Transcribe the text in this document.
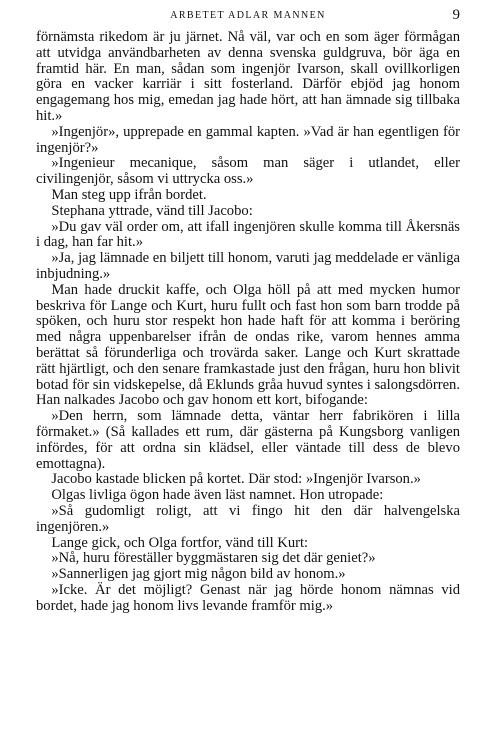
ARBETET ADLAR MANNEN	9

förnämsta rikedom är ju järnet. Nå väl, var och en som äger förmågan att utvidga användbarheten av denna svenska guldgruva, bör äga en framtid här. En man, sådan som ingenjör Ivarson, skall ovillkorligen göra en vacker karriär i sitt fosterland. Därför ebjöd jag honom engagemang hos mig, emedan jag hade hört, att han ämnade sig tillbaka hit.»

»Ingenjör», upprepade en gammal kapten. »Vad är han egentligen för ingenjör?»

»Ingenieur mecanique, såsom man säger i utlandet, eller civilingenjör, såsom vi uttrycka oss.»

Man steg upp ifrån bordet.

Stephana yttrade, vänd till Jacobo:

»Du gav väl order om, att ifall ingenjören skulle komma till Åkersnäs i dag, han far hit.»

»Ja, jag lämnade en biljett till honom, varuti jag meddelade er vänliga inbjudning.»

Man hade druckit kaffe, och Olga höll på att med mycken humor beskriva för Lange och Kurt, huru fullt och fast hon som barn trodde på spöken, och huru stor respekt hon hade haft för att komma i beröring med några uppenbarelser ifrån de ondas rike, varom hennes amma berättat så förunderliga och trovärda saker. Lange och Kurt skrattade rätt hjärtligt, och den senare framkastade just den frågan, huru hon blivit botad för sin vidskepelse, då Eklunds gråa huvud syntes i salongsdörren. Han nalkades Jacobo och gav honom ett kort, bifogande:

»Den herrn, som lämnade detta, väntar herr fabrikören i lilla förmaket.» (Så kallades ett rum, där gästerna på Kungsborg vanligen infördes, för att ordna sin klädsel, eller väntade till dess de blevo emottagna).

Jacobo kastade blicken på kortet. Där stod: »Ingenjör Ivarson.»

Olgas livliga ögon hade även läst namnet. Hon utropade:

»Så gudomligt roligt, att vi fingo hit den där halvengelska ingenjören.»

Lange gick, och Olga fortfor, vänd till Kurt:

»Nå, huru föreställer byggmästaren sig det där geniet?»

»Sannerligen jag gjort mig någon bild av honom.»

»Icke. Är det möjligt? Genast när jag hörde honom nämnas vid bordet, hade jag honom livs levande framför mig.»
